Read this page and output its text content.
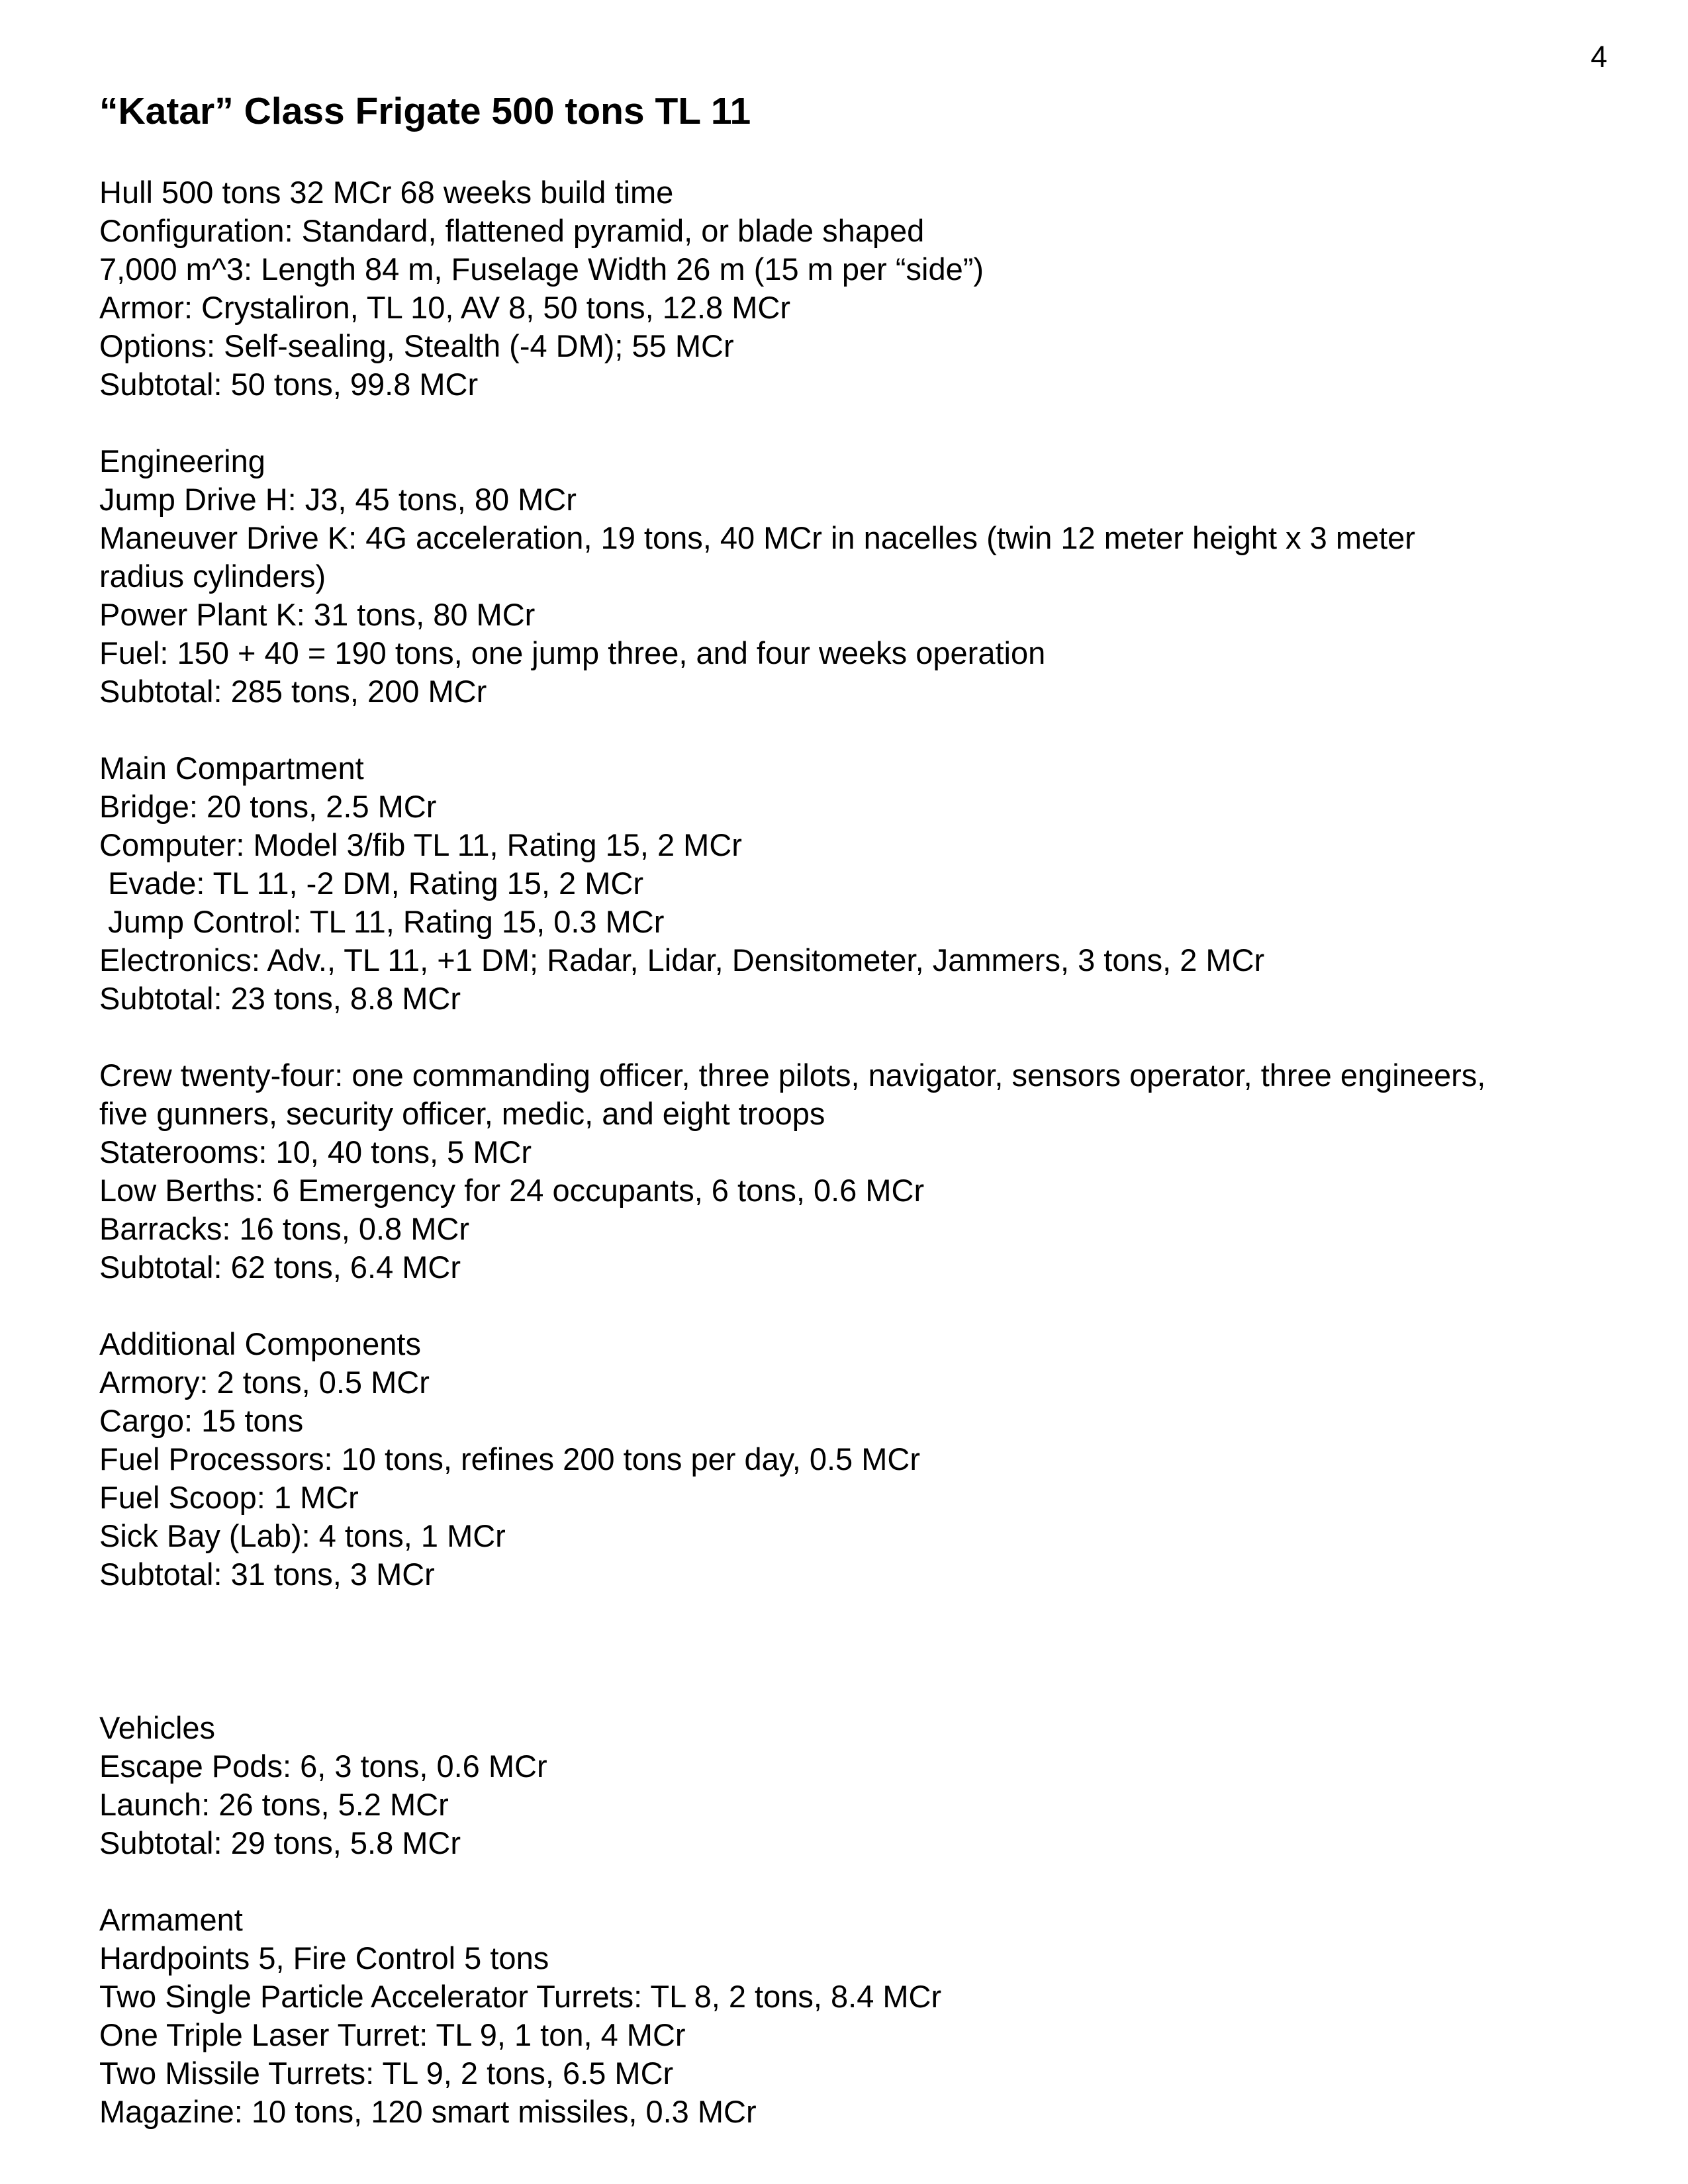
4
“Katar” Class Frigate 500 tons TL 11
Hull 500 tons 32 MCr 68 weeks build time
Configuration: Standard, flattened pyramid, or blade shaped
7,000 m^3: Length 84 m, Fuselage Width 26 m (15 m per “side”)
Armor: Crystaliron, TL 10, AV 8, 50 tons, 12.8 MCr
Options: Self-sealing, Stealth (-4 DM); 55 MCr
Subtotal: 50 tons, 99.8 MCr
Engineering
Jump Drive H: J3, 45 tons, 80 MCr
Maneuver Drive K: 4G acceleration, 19 tons, 40 MCr in nacelles (twin 12 meter height x 3 meter
radius cylinders)
Power Plant K: 31 tons, 80 MCr
Fuel: 150 + 40 = 190 tons, one jump three, and four weeks operation
Subtotal: 285 tons, 200 MCr
Main Compartment
Bridge: 20 tons, 2.5 MCr
Computer: Model 3/fib TL 11, Rating 15, 2 MCr
Evade: TL 11, -2 DM, Rating 15, 2 MCr
Jump Control: TL 11, Rating 15, 0.3 MCr
Electronics: Adv., TL 11, +1 DM; Radar, Lidar, Densitometer, Jammers, 3 tons, 2 MCr
Subtotal: 23 tons, 8.8 MCr
Crew twenty-four: one commanding officer, three pilots, navigator, sensors operator, three engineers,
five gunners, security officer, medic, and eight troops
Staterooms: 10, 40 tons, 5 MCr
Low Berths: 6 Emergency for 24 occupants, 6 tons, 0.6 MCr
Barracks: 16 tons, 0.8 MCr
Subtotal: 62 tons, 6.4 MCr
Additional Components
Armory: 2 tons, 0.5 MCr
Cargo: 15 tons
Fuel Processors: 10 tons, refines 200 tons per day, 0.5 MCr
Fuel Scoop: 1 MCr
Sick Bay (Lab): 4 tons, 1 MCr
Subtotal: 31 tons, 3 MCr
Vehicles
Escape Pods: 6, 3 tons, 0.6 MCr
Launch: 26 tons, 5.2 MCr
Subtotal: 29 tons, 5.8 MCr
Armament
Hardpoints 5, Fire Control 5 tons
Two Single Particle Accelerator Turrets: TL 8, 2 tons, 8.4 MCr
One Triple Laser Turret: TL 9, 1 ton, 4 MCr
Two Missile Turrets: TL 9, 2 tons, 6.5 MCr
Magazine: 10 tons, 120 smart missiles, 0.3 MCr
